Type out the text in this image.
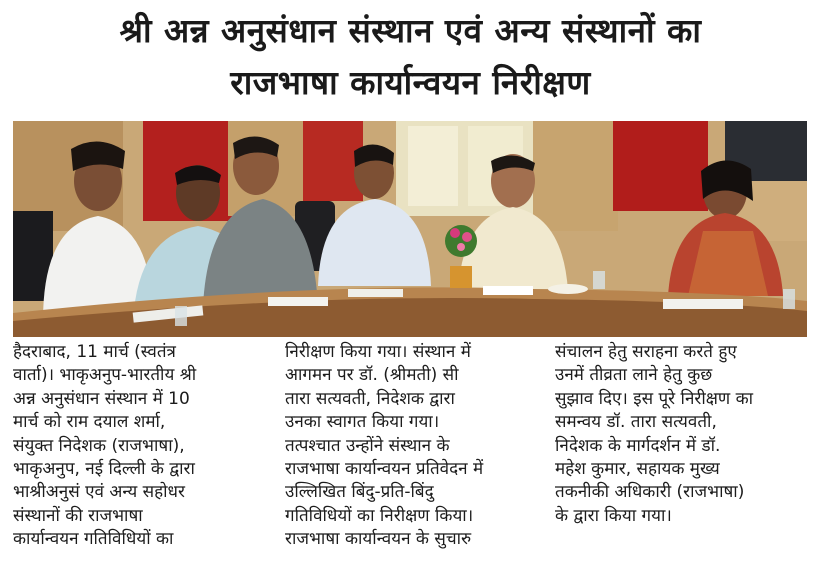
श्री अन्न अनुसंधान संस्थान एवं अन्य संस्थानों का
राजभाषा कार्यान्वयन निरीक्षण
हैदराबाद, 11 मार्च (स्वतंत्र
वार्ता)। भाकृअनुप-भारतीय श्री
अन्न अनुसंधान संस्थान में 10
मार्च को राम दयाल शर्मा,
संयुक्त निदेशक (राजभाषा),
भाकृअनुप, नई दिल्ली के द्वारा
भाश्रीअनुसं एवं अन्य सहोधर
संस्थानों की राजभाषा
कार्यान्वयन गतिविधियों का
निरीक्षण किया गया। संस्थान में
आगमन पर डॉ. (श्रीमती) सी
तारा सत्यवती, निदेशक द्वारा
उनका स्वागत किया गया।
तत्पश्चात उन्होंने संस्थान के
राजभाषा कार्यान्वयन प्रतिवेदन में
उल्लिखित बिंदु-प्रति-बिंदु
गतिविधियों का निरीक्षण किया।
राजभाषा कार्यान्वयन के सुचारु
संचालन हेतु सराहना करते हुए
उनमें तीव्रता लाने हेतु कुछ
सुझाव दिए। इस पूरे निरीक्षण का
समन्वय डॉ. तारा सत्यवती,
निदेशक के मार्गदर्शन में डॉ.
महेश कुमार, सहायक मुख्य
तकनीकी अधिकारी (राजभाषा)
के द्वारा किया गया।
